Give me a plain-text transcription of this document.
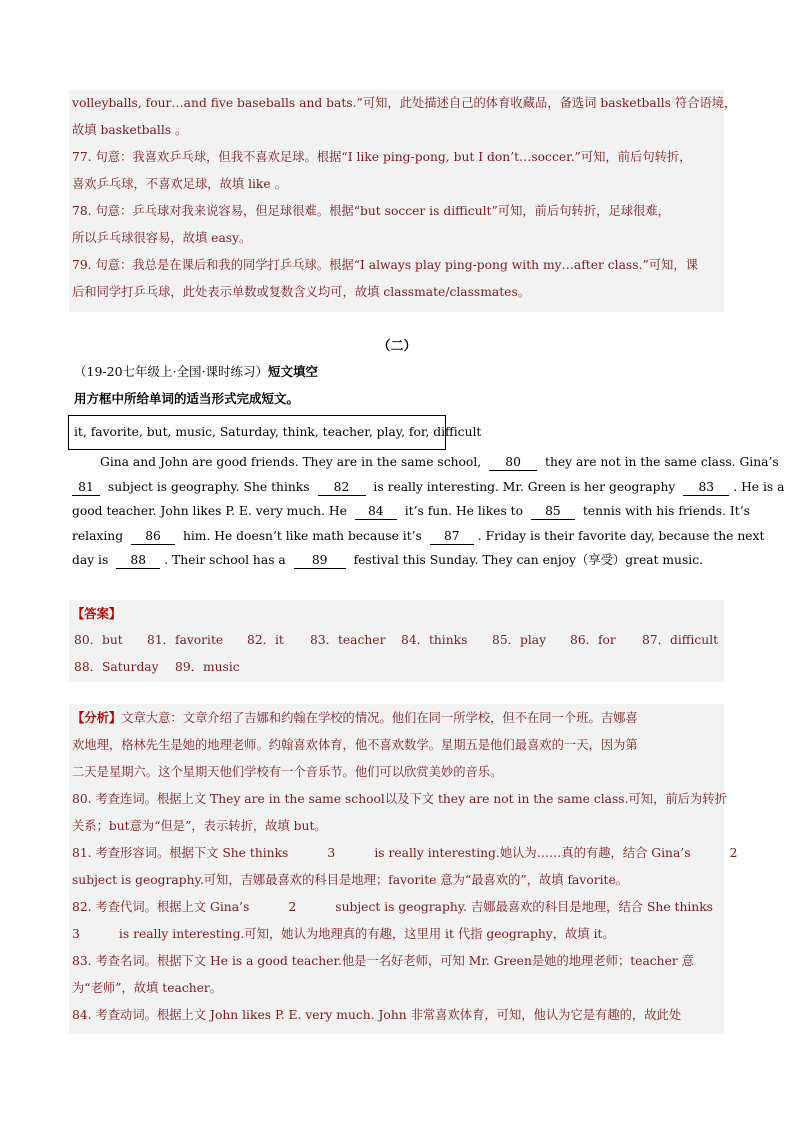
volleyballs, four…and five baseballs and bats.”可知，此处描述自己的体育收藏品，备选词 basketballs 符合语境，
故填 basketballs 。
77. 句意：我喜欢乒乓球，但我不喜欢足球。根据“I like ping-pong, but I don’t…soccer.”可知，前后句转折，
喜欢乒乓球，不喜欢足球，故填 like 。
78. 句意：乒乓球对我来说容易，但足球很难。根据“but soccer is difficult”可知，前后句转折，足球很难，
所以乒乓球很容易，故填 easy。
79. 句意：我总是在课后和我的同学打乒乓球。根据“I always play ping-pong with my…after class.”可知，课
后和同学打乒乓球，此处表示单数或复数含义均可，故填 classmate/classmates。
（二）
（19-20七年级上·全国·课时练习）短文填空
用方框中所给单词的适当形式完成短文。
it, favorite, but, music, Saturday, think, teacher, play, for, difficult
Gina and John are good friends. They are in the same school, 80 they are not in the same class. Gina’s
81 subject is geography. She thinks 82 is really interesting. Mr. Green is her geography 83 . He is a
good teacher. John likes P. E. very much. He 84 it’s fun. He likes to 85 tennis with his friends. It’s
relaxing 86 him. He doesn’t like math because it’s 87 . Friday is their favorite day, because the next
day is 88 . Their school has a 89 festival this Sunday. They can enjoy（享受）great music.
【答案】
80．but	81．favorite	82．it	83．teacher	84．thinks	85．play	86．for	87．difficult
88．Saturday	89．music
【分析】文章大意：文章介绍了吉娜和约翰在学校的情况。他们在同一所学校，但不在同一个班。吉娜喜
欢地理，格林先生是她的地理老师。约翰喜欢体育，他不喜欢数学。星期五是他们最喜欢的一天，因为第
二天是星期六。这个星期天他们学校有一个音乐节。他们可以欣赏美妙的音乐。
80. 考查连词。根据上文 They are in the same school以及下文 they are not in the same class.可知，前后为转折
关系；but意为“但是”，表示转折，故填 but。
81. 考查形容词。根据下文 She thinks          3          is really interesting.她认为……真的有趣，结合 Gina’s          2
subject is geography.可知，吉娜最喜欢的科目是地理；favorite 意为“最喜欢的”，故填 favorite。
82. 考查代词。根据上文 Gina’s          2          subject is geography. 吉娜最喜欢的科目是地理，结合 She thinks
3          is really interesting.可知，她认为地理真的有趣，这里用 it 代指 geography，故填 it。
83. 考查名词。根据下文 He is a good teacher.他是一名好老师，可知 Mr. Green是她的地理老师；teacher 意
为“老师”，故填 teacher。
84. 考查动词。根据上文 John likes P. E. very much. John 非常喜欢体育，可知，他认为它是有趣的，故此处
